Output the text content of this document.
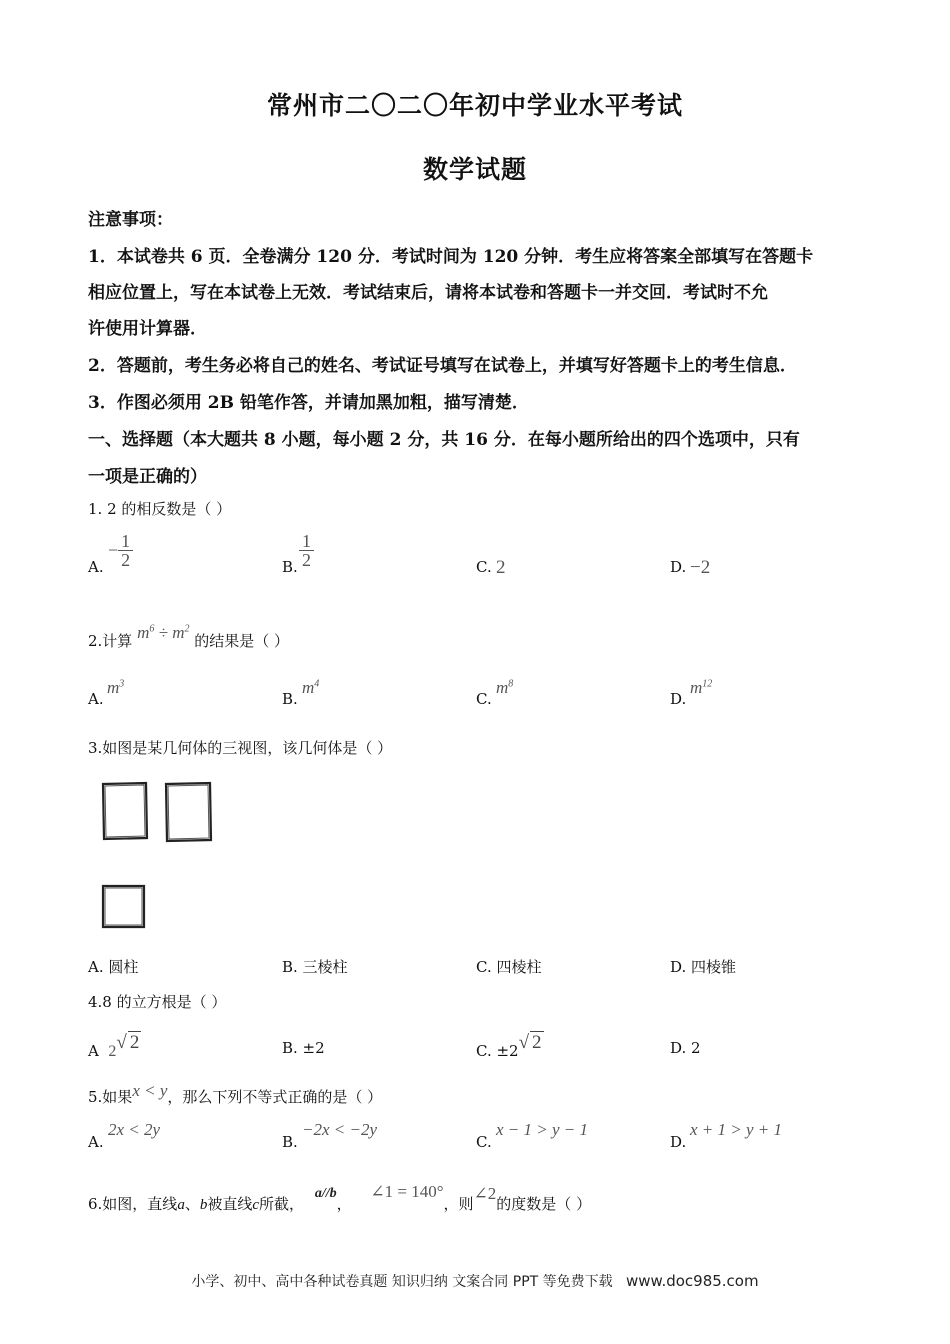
常州市二〇二〇年初中学业水平考试
数学试题
注意事项：
1．本试卷共 6 页．全卷满分 120 分．考试时间为 120 分钟．考生应将答案全部填写在答题卡
相应位置上，写在本试卷上无效．考试结束后，请将本试卷和答题卡一并交回．考试时不允
许使用计算器．
2．答题前，考生务必将自己的姓名、考试证号填写在试卷上，并填写好答题卡上的考生信息．
3．作图必须用 2B 铅笔作答，并请加黑加粗，描写清楚．
一、选择题（本大题共 8 小题，每小题 2 分，共 16 分．在每小题所给出的四个选项中，只有
一项是正确的）
1. 2 的相反数是（ ）
A.
− $\frac{1}{2}$	B. $\frac{1}{2}$	C. 2	D. −2
2.计算 $m^6 \div m^2$ 的结果是（ ）
A.
$m^3$
B.
$m^4$
C.
$m^8$
D.
$m^{12}$
3.如图是某几何体的三视图，该几何体是（ ）
A. 圆柱	B. 三棱柱	C. 四棱柱	D. 四棱锥
4.8 的立方根是（ ）
A 2√ 2	B. ±2	C. ±2√ 2	D. 2
5.如果x < y，那么下列不等式正确的是（ ）
A.
2x < 2y
B.
−2x < −2y
C.
x − 1 > y − 1
D.
x + 1 > y + 1
6.如图，直线a、b被直线c所截， a//b， ∠1 = 140°，则∠2的度数是（ ）
小学、初中、高中各种试卷真题 知识归纳 文案合同 PPT 等免费下载 www.doc985.com
